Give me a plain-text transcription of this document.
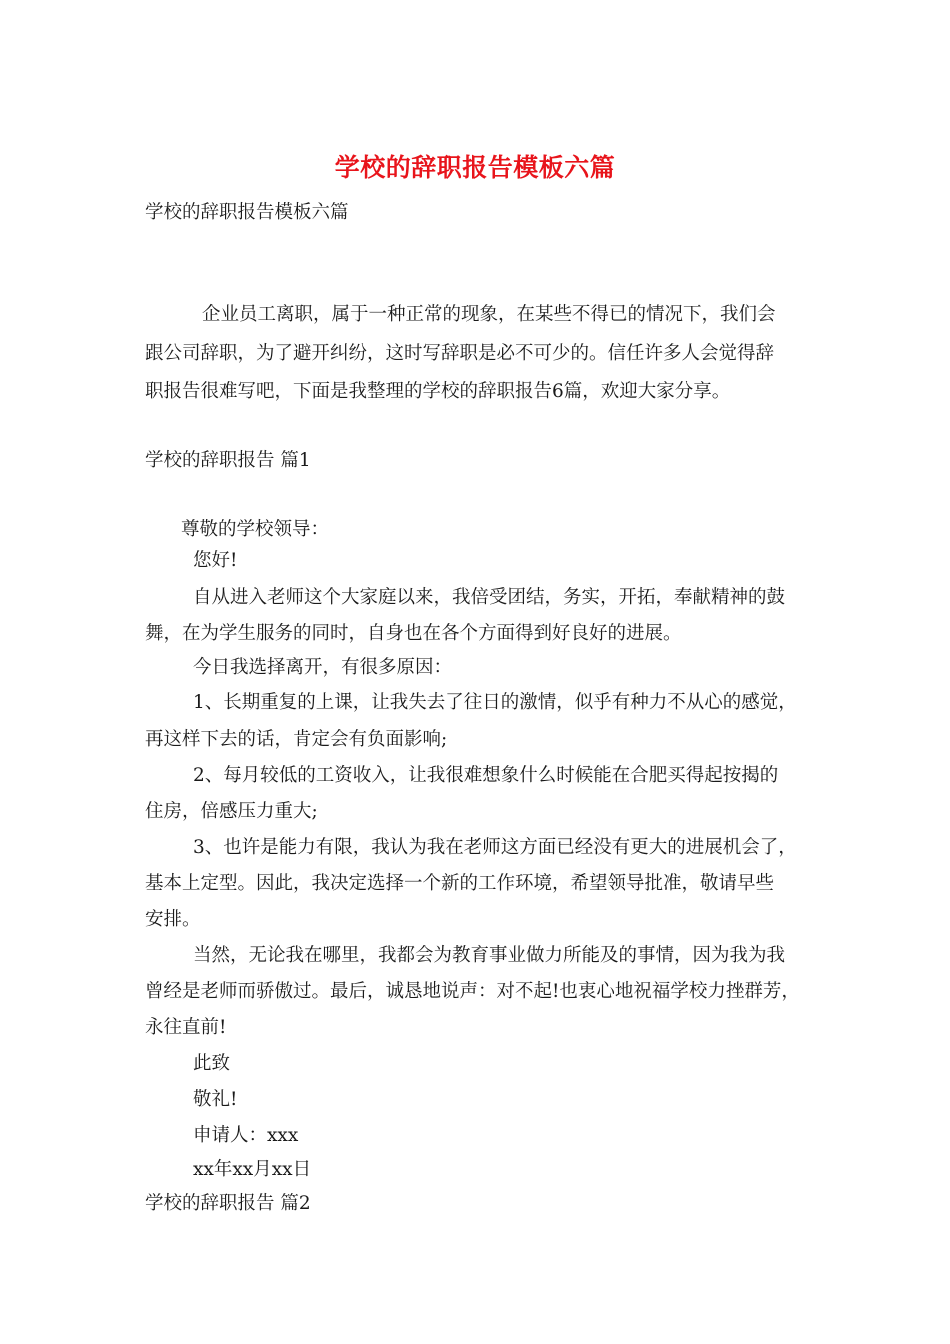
学校的辞职报告模板六篇
学校的辞职报告模板六篇
企业员工离职，属于一种正常的现象，在某些不得已的情况下，我们会
跟公司辞职，为了避开纠纷，这时写辞职是必不可少的。信任许多人会觉得辞
职报告很难写吧，下面是我整理的学校的辞职报告6篇，欢迎大家分享。
学校的辞职报告 篇1
尊敬的学校领导：
您好!
自从进入老师这个大家庭以来，我倍受团结，务实，开拓，奉献精神的鼓
舞，在为学生服务的同时，自身也在各个方面得到好良好的进展。
今日我选择离开，有很多原因：
1、长期重复的上课，让我失去了往日的激情，似乎有种力不从心的感觉，
再这样下去的话，肯定会有负面影响;
2、每月较低的工资收入，让我很难想象什么时候能在合肥买得起按揭的
住房，倍感压力重大;
3、也许是能力有限，我认为我在老师这方面已经没有更大的进展机会了，
基本上定型。因此，我决定选择一个新的工作环境，希望领导批准，敬请早些
安排。
当然，无论我在哪里，我都会为教育事业做力所能及的事情，因为我为我
曾经是老师而骄傲过。最后，诚恳地说声：对不起!也衷心地祝福学校力挫群芳，
永往直前!
此致
敬礼!
申请人：xxx
xx年xx月xx日
学校的辞职报告 篇2
